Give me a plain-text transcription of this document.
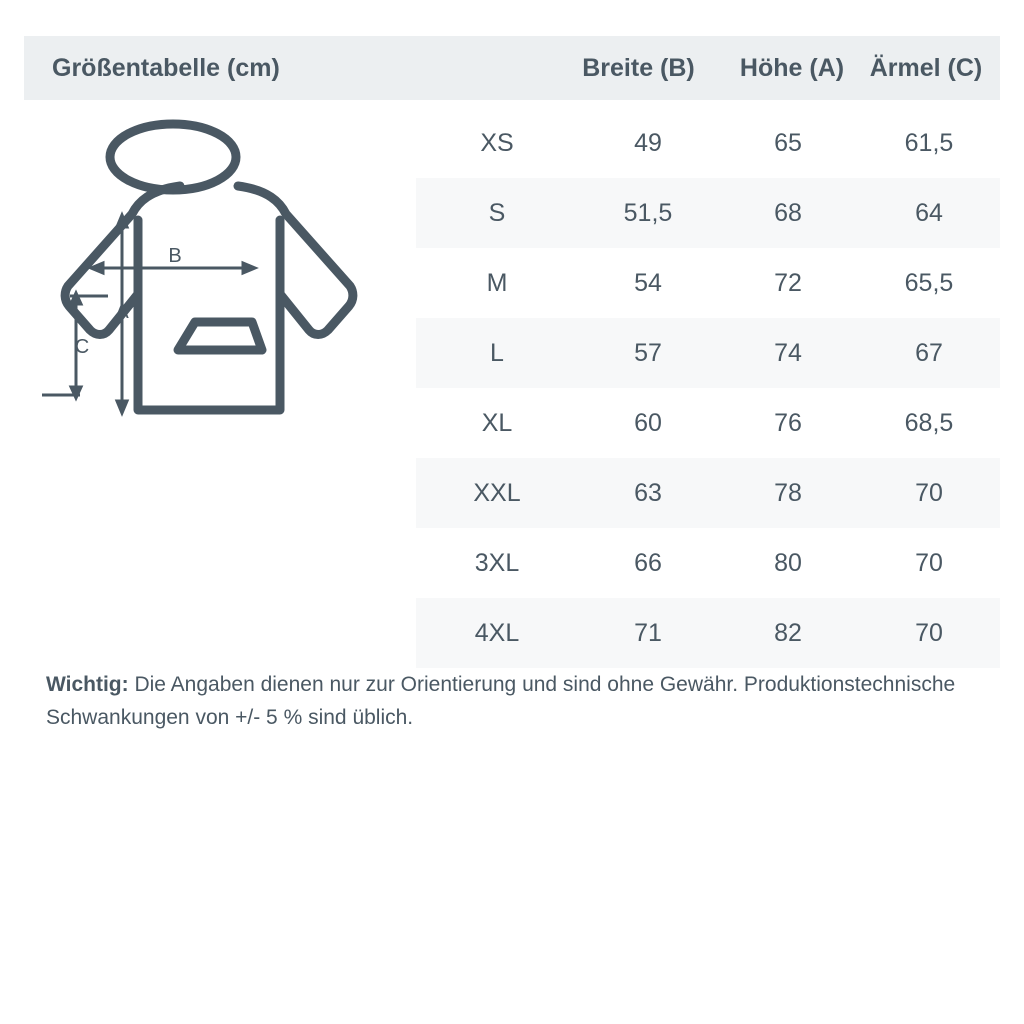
Größentabelle (cm)	Breite (B)	Höhe (A)	Ärmel (C)
C
A
B
XS	49	65	61,5
S	51,5	68	64
M	54	72	65,5
L	57	74	67
XL	60	76	68,5
XXL	63	78	70
3XL	66	80	70
4XL	71	82	70
Wichtig: Die Angaben dienen nur zur Orientierung und sind ohne Gewähr. Produktionstechnische Schwankungen von +/- 5 % sind üblich.
